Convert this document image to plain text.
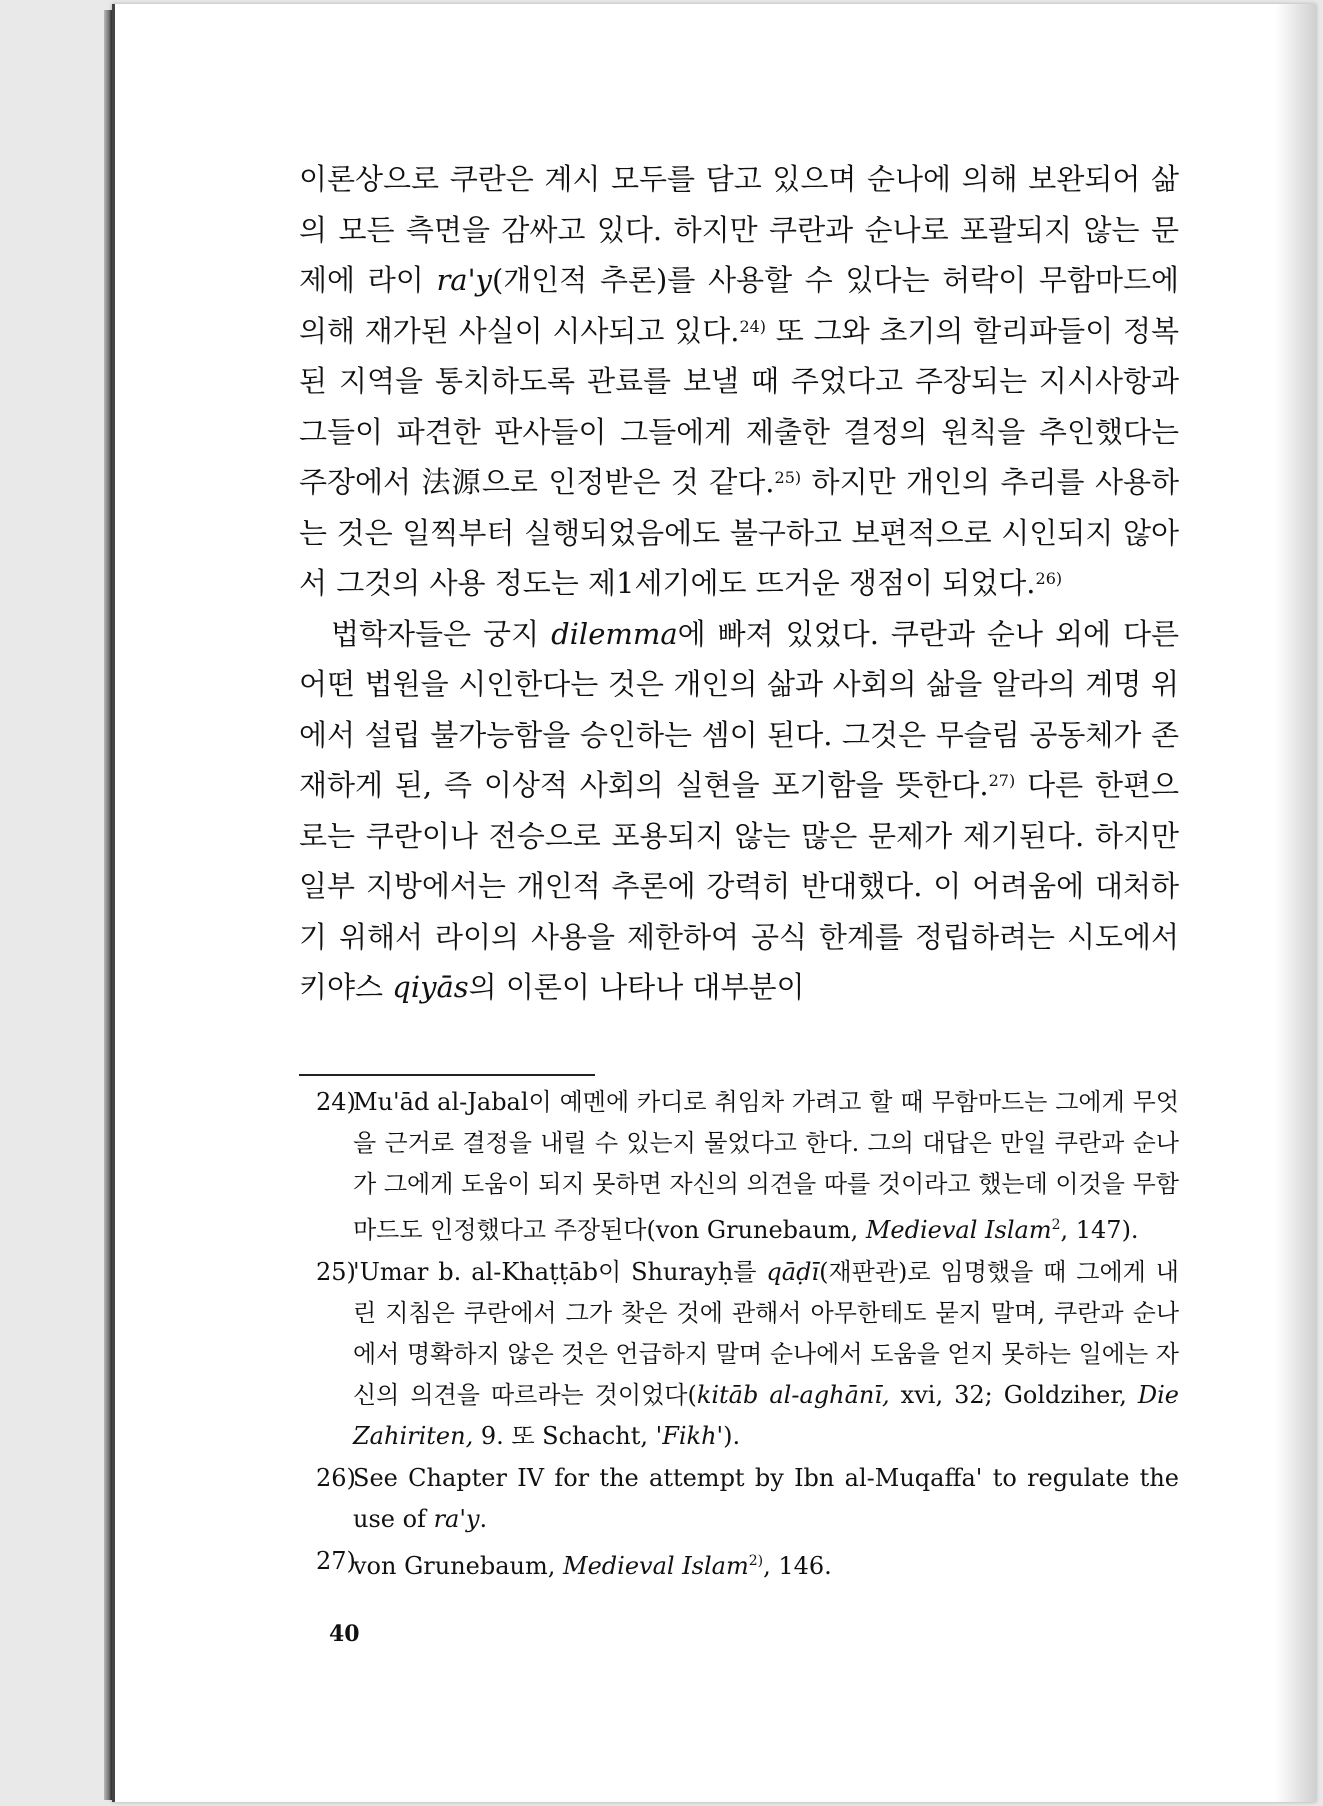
이론상으로 쿠란은 계시 모두를 담고 있으며 순나에 의해 보완되어 삶의 모든 측면을 감싸고 있다. 하지만 쿠란과 순나로 포괄되지 않는 문제에 라이 ra'y(개인적 추론)를 사용할 수 있다는 허락이 무함마드에 의해 재가된 사실이 시사되고 있다.$^{24)}$ 또 그와 초기의 할리파들이 정복된 지역을 통치하도록 관료를 보낼 때 주었다고 주장되는 지시사항과 그들이 파견한 판사들이 그들에게 제출한 결정의 원칙을 추인했다는 주장에서 法源으로 인정받은 것 같다.$^{25)}$ 하지만 개인의 추리를 사용하는 것은 일찍부터 실행되었음에도 불구하고 보편적으로 시인되지 않아서 그것의 사용 정도는 제1세기에도 뜨거운 쟁점이 되었다.$^{26)}$
법학자들은 궁지 dilemma에 빠져 있었다. 쿠란과 순나 외에 다른 어떤 법원을 시인한다는 것은 개인의 삶과 사회의 삶을 알라의 계명 위에서 설립 불가능함을 승인하는 셈이 된다. 그것은 무슬림 공동체가 존재하게 된, 즉 이상적 사회의 실현을 포기함을 뜻한다.$^{27)}$ 다른 한편으로는 쿠란이나 전승으로 포용되지 않는 많은 문제가 제기된다. 하지만 일부 지방에서는 개인적 추론에 강력히 반대했다. 이 어려움에 대처하기 위해서 라이의 사용을 제한하여 공식 한계를 정립하려는 시도에서 키야스 qiyās의 이론이 나타나 대부분이
24)
Mu'ād al-Jabal이 예멘에 카디로 취임차 가려고 할 때 무함마드는 그에게 무엇을 근거로 결정을 내릴 수 있는지 물었다고 한다. 그의 대답은 만일 쿠란과 순나가 그에게 도움이 되지 못하면 자신의 의견을 따를 것이라고 했는데 이것을 무함마드도 인정했다고 주장된다(von Grunebaum, Medieval Islam$^2$, 147).
25)
'Umar b. al-Khaṭṭāb이 Shurayḥ를 qāḍī(재판관)로 임명했을 때 그에게 내린 지침은 쿠란에서 그가 찾은 것에 관해서 아무한테도 묻지 말며, 쿠란과 순나에서 명확하지 않은 것은 언급하지 말며 순나에서 도움을 얻지 못하는 일에는 자신의 의견을 따르라는 것이었다(kitāb al-aghānī, xvi, 32; Goldziher, Die Zahiriten, 9. 또 Schacht, 'Fikh').
26)
See Chapter IV for the attempt by Ibn al-Muqaffa' to regulate the use of ra'y.
27)
von Grunebaum, Medieval Islam$^{2)}$, 146.
40
